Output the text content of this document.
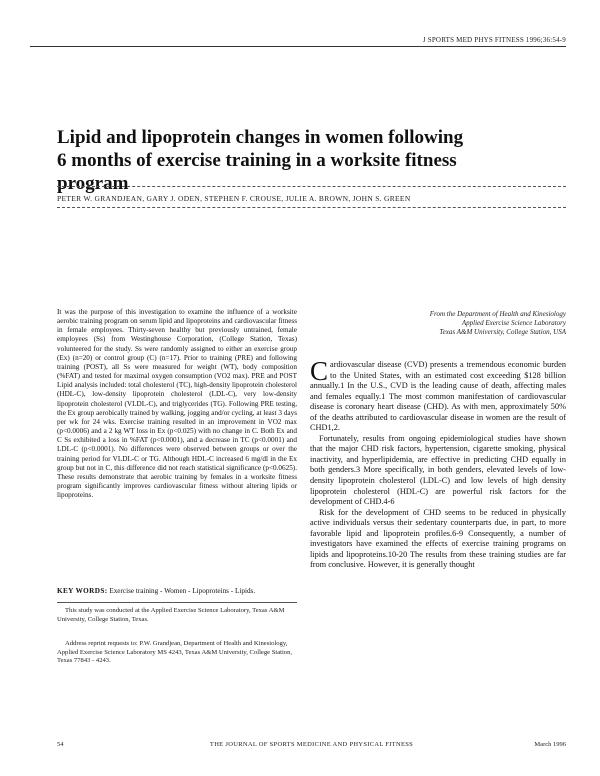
J SPORTS MED PHYS FITNESS 1996;36:54-9
Lipid and lipoprotein changes in women following 6 months of exercise training in a worksite fitness program
PETER W. GRANDJEAN, GARY J. ODEN, STEPHEN F. CROUSE, JULIE A. BROWN, JOHN S. GREEN

It was the purpose of this investigation to examine the influence of a worksite aerobic training program on serum lipid and lipoproteins and cardiovascular fitness in female employees. Thirty-seven healthy but previously untrained, female employees (Ss) from Westinghouse Corporation, (College Station, Texas) volunteered for the study. Ss were randomly assigned to either an exercise group (Ex) (n=20) or control group (C) (n=17). Prior to training (PRE) and following training (POST), all Ss were measured for weight (WT), body composition (%FAT) and tested for maximal oxygen consumption (VO2 max). PRE and POST Lipid analysis included: total cholesterol (TC), high-density lipoprotein cholesterol (HDL-C), low-density lipoprotein cholesterol (LDL-C), very low-density lipoprotein cholesterol (VLDL-C), and triglycerides (TG). Following PRE testing, the Ex group aerobically trained by walking, jogging and/or cycling, at least 3 days per wk for 24 wks. Exercise training resulted in an improvement in VO2 max (p<0.0006) and a 2 kg WT loss in Ex (p<0.025) with no change in C. Both Ex and C Ss exhibited a loss in %FAT (p<0.0001), and a decrease in TC (p<0.0001) and LDL-C (p<0.0001). No differences were observed between groups or over the training period for VLDL-C or TG. Although HDL-C increased 6 mg/dl in the Ex group but not in C, this difference did not reach statistical significance (p<0.0625). These results demonstrate that aerobic training by females in a worksite fitness program significantly improves cardiovascular fitness without altering lipids or lipoproteins.

KEY WORDS: Exercise training - Women - Lipoproteins - Lipids.

This study was conducted at the Applied Exercise Science Laboratory, Texas A&M University, College Station, Texas.

Address reprint requests to: P.W. Grandjean, Department of Health and Kinesiology, Applied Exercise Science Laboratory MS 4243, Texas A&M University, College Station, Texas 77843 - 4243.

From the Department of Health and Kinesiology
Applied Exercise Science Laboratory
Texas A&M University, College Station, USA

Cardiovascular disease (CVD) presents a tremendous economic burden to the United States, with an estimated cost exceeding $128 billion annually.1 In the U.S., CVD is the leading cause of death, affecting males and females equally.1 The most common manifestation of cardiovascular disease is coronary heart disease (CHD). As with men, approximately 50% of the deaths attributed to cardiovascular disease in women are the result of CHD1,2.

Fortunately, results from ongoing epidemiological studies have shown that the major CHD risk factors, hypertension, cigarette smoking, physical inactivity, and hyperlipidemia, are effective in predicting CHD equally in both genders.3 More specifically, in both genders, elevated levels of low-density lipoprotein cholesterol (LDL-C) and low levels of high density lipoprotein cholesterol (HDL-C) are powerful risk factors for the development of CHD.4-6

Risk for the development of CHD seems to be reduced in physically active individuals versus their sedentary counterparts due, in part, to more favorable lipid and lipoprotein profiles.6-9 Consequently, a number of investigators have examined the effects of exercise training programs on lipids and lipoproteins.10-20 The results from these training studies are far from conclusive. However, it is generally thought

54	THE JOURNAL OF SPORTS MEDICINE AND PHYSICAL FITNESS	March 1996
